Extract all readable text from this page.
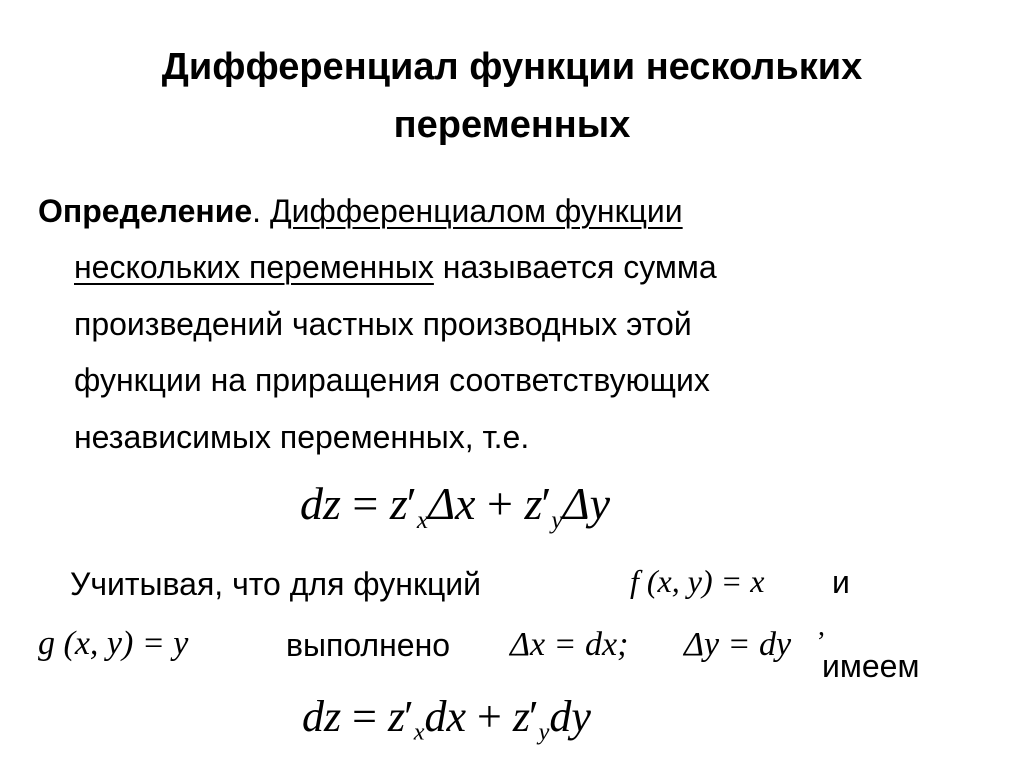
Дифференциал функции нескольких
переменных
Определение. Дифференциалом функции
нескольких переменных называется сумма
произведений частных производных этой
функции на приращения соответствующих
независимых переменных, т.е.
dz = $z'_x\Delta x + z'_y\Delta y$
Учитывая, что для функций	f (x, y) = x и
g (x, y) = y	выполнено Δx = dx; Δy = dy ,
имеем
dz = $z'_xdx + z'_ydy$
